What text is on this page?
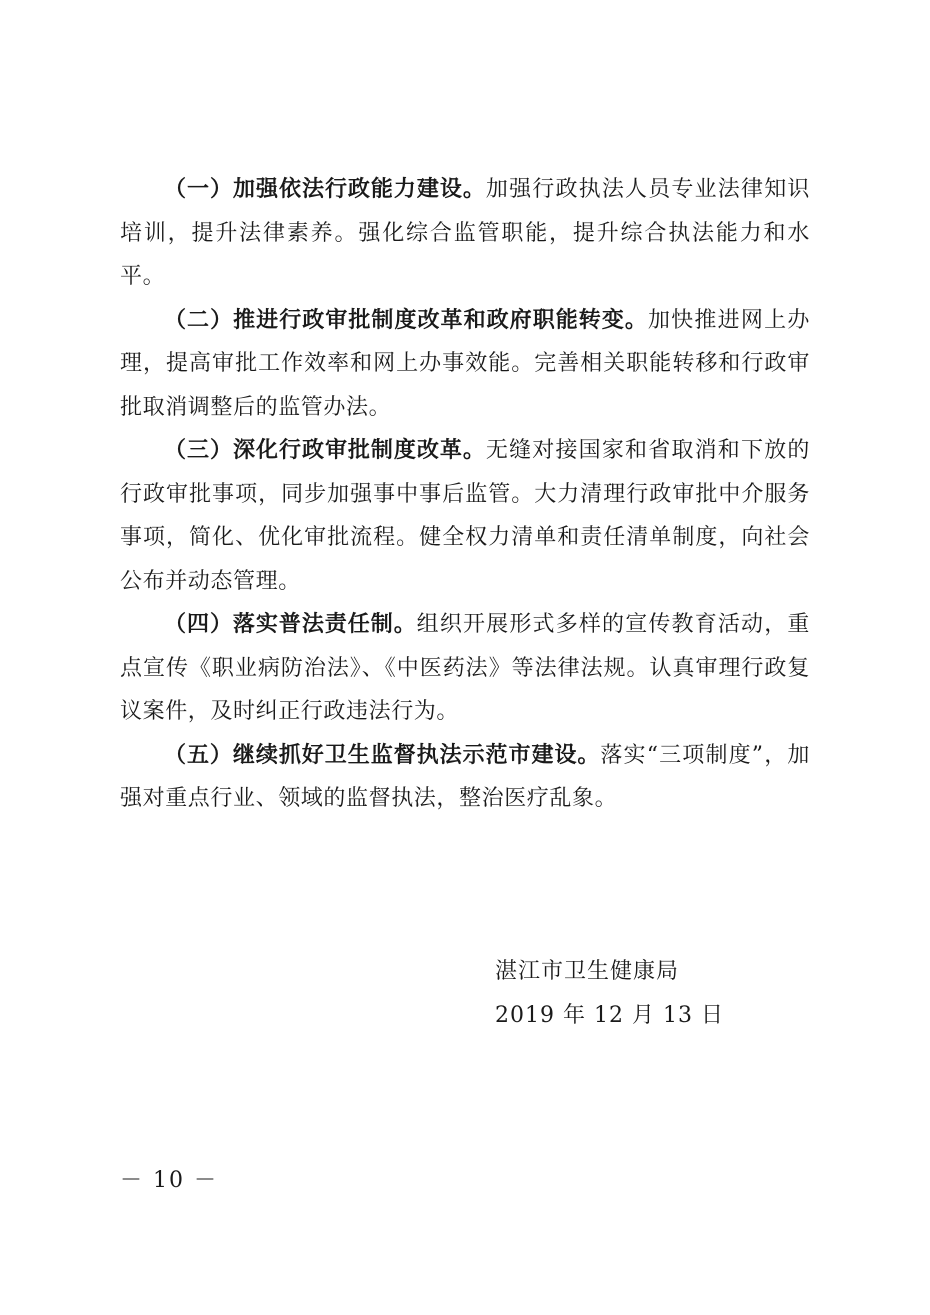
（一）加强依法行政能力建设。加强行政执法人员专业法律知识培训，提升法律素养。强化综合监管职能，提升综合执法能力和水平。

（二）推进行政审批制度改革和政府职能转变。加快推进网上办理，提高审批工作效率和网上办事效能。完善相关职能转移和行政审批取消调整后的监管办法。

（三）深化行政审批制度改革。无缝对接国家和省取消和下放的行政审批事项，同步加强事中事后监管。大力清理行政审批中介服务事项，简化、优化审批流程。健全权力清单和责任清单制度，向社会公布并动态管理。

（四）落实普法责任制。组织开展形式多样的宣传教育活动，重点宣传《职业病防治法》、《中医药法》等法律法规。认真审理行政复议案件，及时纠正行政违法行为。

（五）继续抓好卫生监督执法示范市建设。落实“三项制度”，加强对重点行业、领域的监督执法，整治医疗乱象。

湛江市卫生健康局
2019 年 12 月 13 日
－ 10 －
